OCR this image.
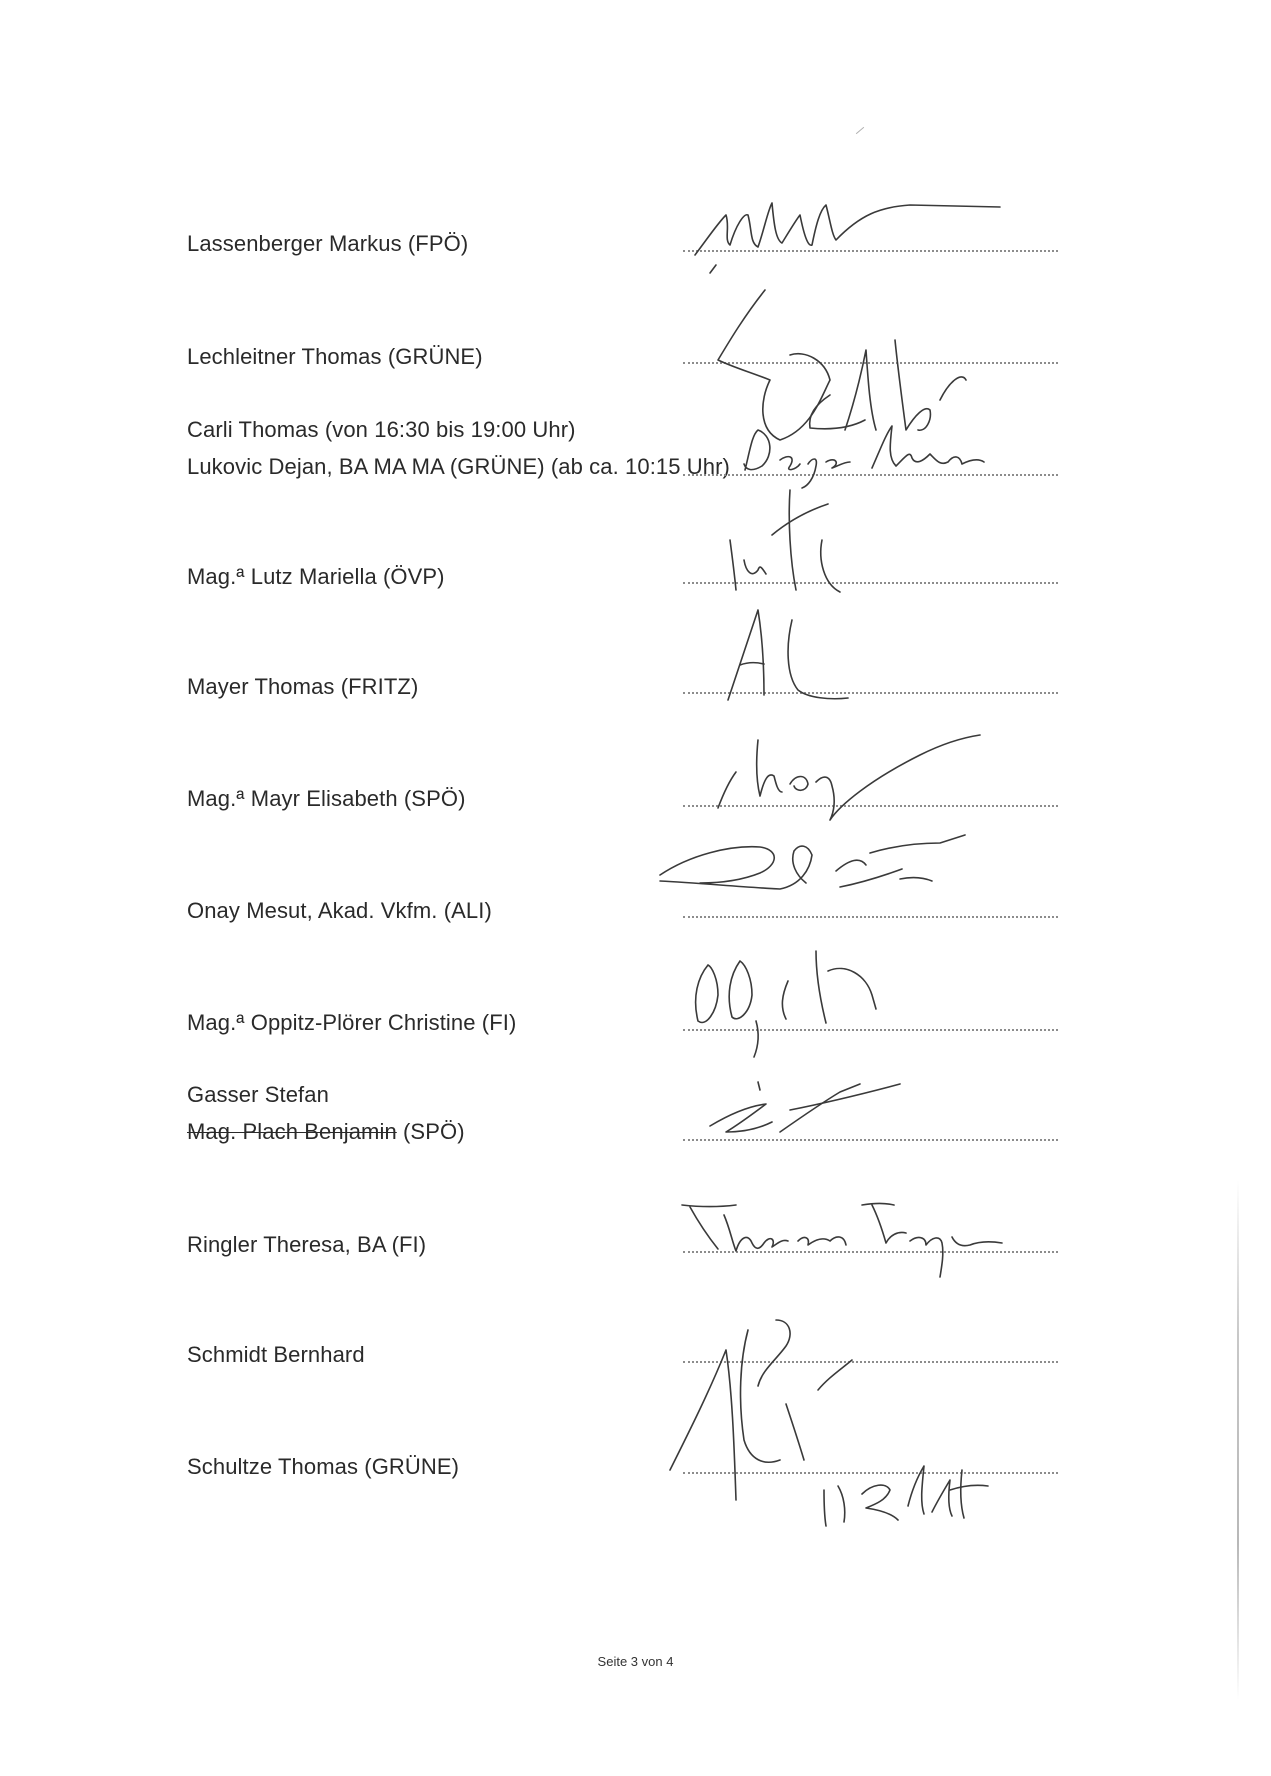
Lassenberger Markus (FPÖ)
Lechleitner Thomas (GRÜNE)
Carli Thomas (von 16:30 bis 19:00 Uhr)
Lukovic Dejan, BA MA MA (GRÜNE) (ab ca. 10:15 Uhr)
Mag.ª Lutz Mariella (ÖVP)
Mayer Thomas (FRITZ)
Mag.ª Mayr Elisabeth (SPÖ)
Onay Mesut, Akad. Vkfm. (ALI)
Mag.ª Oppitz-Plörer Christine (FI)
Gasser Stefan
Mag. Plach Benjamin (SPÖ)
Ringler Theresa, BA (FI)
Schmidt Bernhard
Schultze Thomas (GRÜNE)
Seite 3 von 4
